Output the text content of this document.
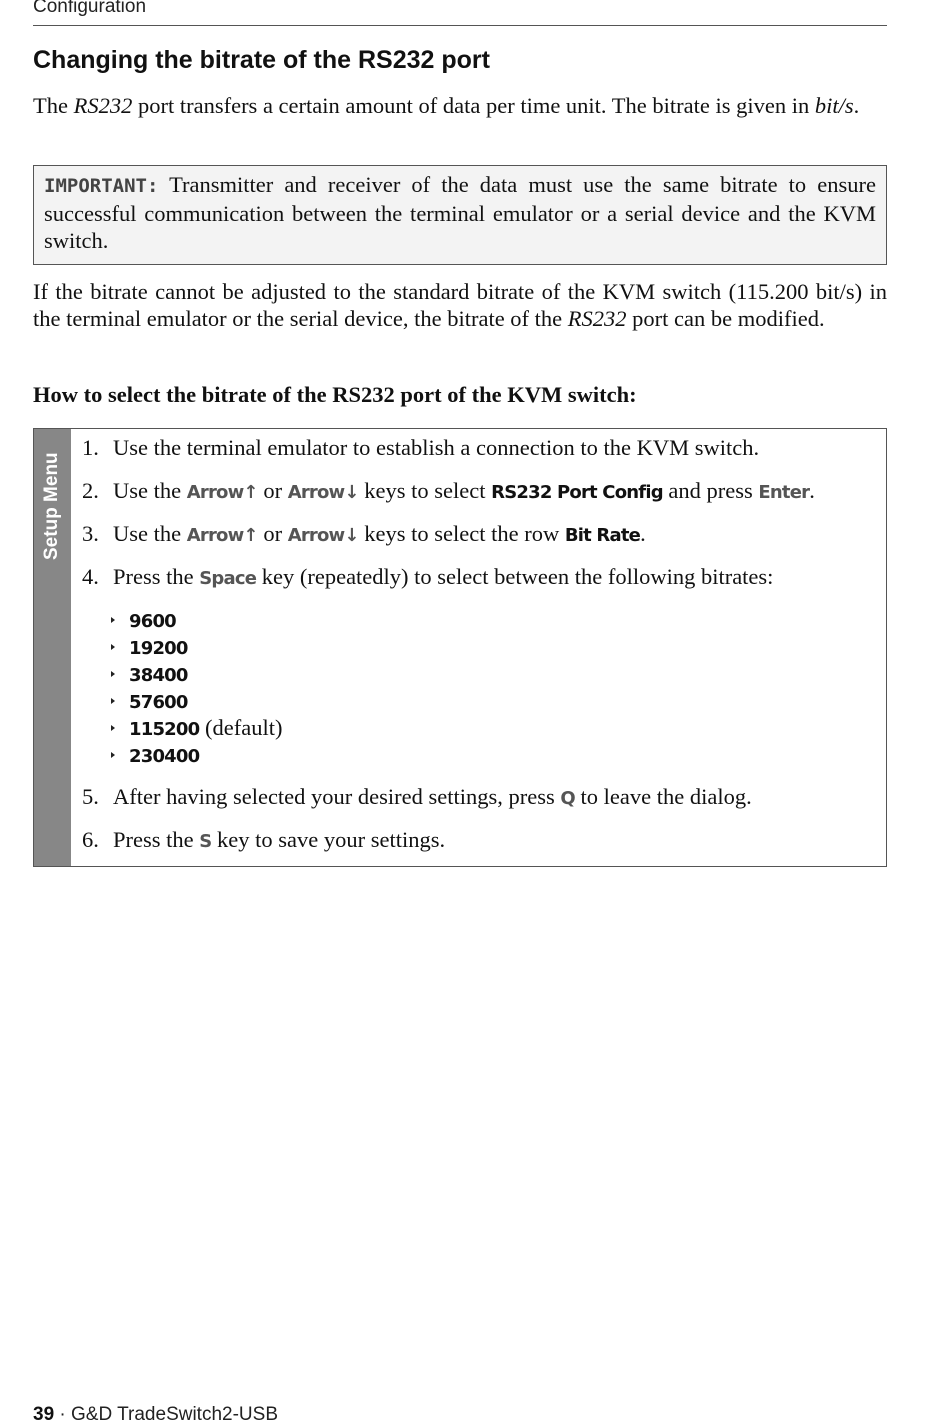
Configuration
Changing the bitrate of the RS232 port
The RS232 port transfers a certain amount of data per time unit. The bitrate is given in bit/s.
IMPORTANT: Transmitter and receiver of the data must use the same bitrate to ensure successful communication between the terminal emulator or a serial device and the KVM switch.
If the bitrate cannot be adjusted to the standard bitrate of the KVM switch (115.200 bit/s) in the terminal emulator or the serial device, the bitrate of the RS232 port can be modified.
How to select the bitrate of the RS232 port of the KVM switch:
Setup Menu
1. Use the terminal emulator to establish a connection to the KVM switch.
2. Use the Arrow↑ or Arrow↓ keys to select RS232 Port Config and press Enter.
3. Use the Arrow↑ or Arrow↓ keys to select the row Bit Rate.
4. Press the Space key (repeatedly) to select between the following bitrates:
9600
19200
38400
57600
115200 (default)
230400
5. After having selected your desired settings, press Q to leave the dialog.
6. Press the S key to save your settings.
39 · G&D TradeSwitch2-USB
